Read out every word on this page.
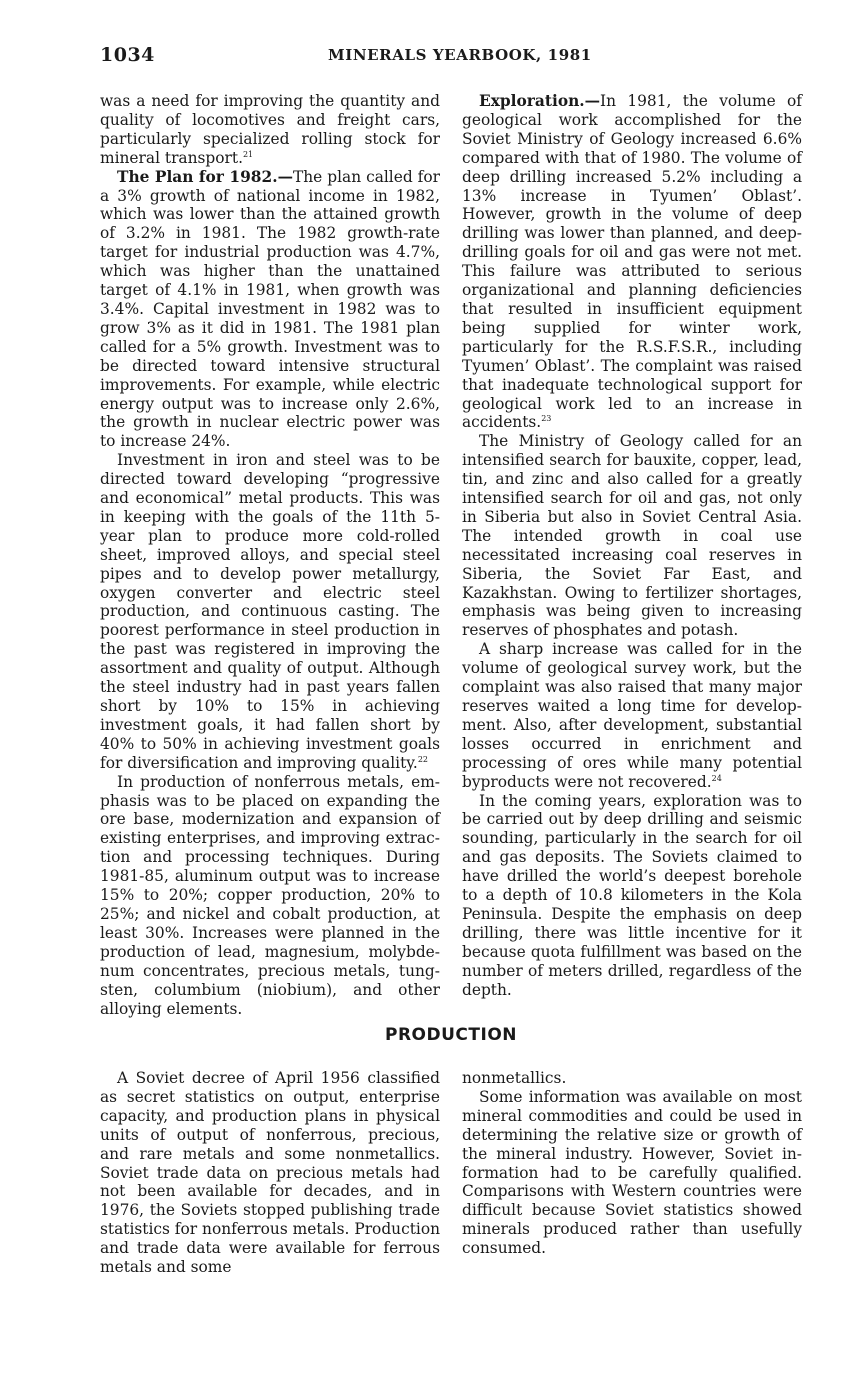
1034	MINERALS YEARBOOK, 1981

was a need for improving the quantity and quality of locomotives and freight cars, particularly specialized rolling stock for mineral transport.$^{21}$

The Plan for 1982.—The plan called for a 3% growth of national income in 1982, which was lower than the attained growth of 3.2% in 1981. The 1982 growth-rate target for industrial production was 4.7%, which was higher than the unattained target of 4.1% in 1981, when growth was 3.4%. Capital investment in 1982 was to grow 3% as it did in 1981. The 1981 plan called for a 5% growth. Investment was to be directed toward intensive structural improvements. For example, while electric energy output was to increase only 2.6%, the growth in nuclear electric power was to increase 24%.

Investment in iron and steel was to be directed toward developing “progressive and economical” metal products. This was in keeping with the goals of the 11th 5-year plan to produce more cold-rolled sheet, improved alloys, and special steel pipes and to develop power metallurgy, oxygen converter and electric steel production, and continuous casting. The poorest performance in steel production in the past was registered in improving the assortment and quality of output. Although the steel industry had in past years fallen short by 10% to 15% in achieving investment goals, it had fallen short by 40% to 50% in achieving investment goals for diversification and improving quality.$^{22}$

In production of nonferrous metals, emphasis was to be placed on expanding the ore base, modernization and expansion of existing enterprises, and improving extraction and processing techniques. During 1981-85, aluminum output was to increase 15% to 20%; copper production, 20% to 25%; and nickel and cobalt production, at least 30%. Increases were planned in the production of lead, magnesium, molybdenum concentrates, precious metals, tungsten, columbium (niobium), and other alloying elements.

Exploration.—In 1981, the volume of geological work accomplished for the Soviet Ministry of Geology increased 6.6% compared with that of 1980. The volume of deep drilling increased 5.2% including a 13% increase in Tyumen’ Oblast’. However, growth in the volume of deep drilling was lower than planned, and deep-drilling goals for oil and gas were not met. This failure was attributed to serious organizational and planning deficiencies that resulted in insufficient equipment being supplied for winter work, particularly for the R.S.F.S.R., including Tyumen’ Oblast’. The complaint was raised that inadequate technological support for geological work led to an increase in accidents.$^{23}$

The Ministry of Geology called for an intensified search for bauxite, copper, lead, tin, and zinc and also called for a greatly intensified search for oil and gas, not only in Siberia but also in Soviet Central Asia. The intended growth in coal use necessitated increasing coal reserves in Siberia, the Soviet Far East, and Kazakhstan. Owing to fertilizer shortages, emphasis was being given to increasing reserves of phosphates and potash.

A sharp increase was called for in the volume of geological survey work, but the complaint was also raised that many major reserves waited a long time for development. Also, after development, substantial losses occurred in enrichment and processing of ores while many potential byproducts were not recovered.$^{24}$

In the coming years, exploration was to be carried out by deep drilling and seismic sounding, particularly in the search for oil and gas deposits. The Soviets claimed to have drilled the world’s deepest borehole to a depth of 10.8 kilometers in the Kola Peninsula. Despite the emphasis on deep drilling, there was little incentive for it because quota fulfillment was based on the number of meters drilled, regardless of the depth.

PRODUCTION

A Soviet decree of April 1956 classified as secret statistics on output, enterprise capacity, and production plans in physical units of output of nonferrous, precious, and rare metals and some nonmetallics. Soviet trade data on precious metals had not been available for decades, and in 1976, the Soviets stopped publishing trade statistics for nonferrous metals. Production and trade data were available for ferrous metals and some

nonmetallics.

Some information was available on most mineral commodities and could be used in determining the relative size or growth of the mineral industry. However, Soviet information had to be carefully qualified. Comparisons with Western countries were difficult because Soviet statistics showed minerals produced rather than usefully consumed.
